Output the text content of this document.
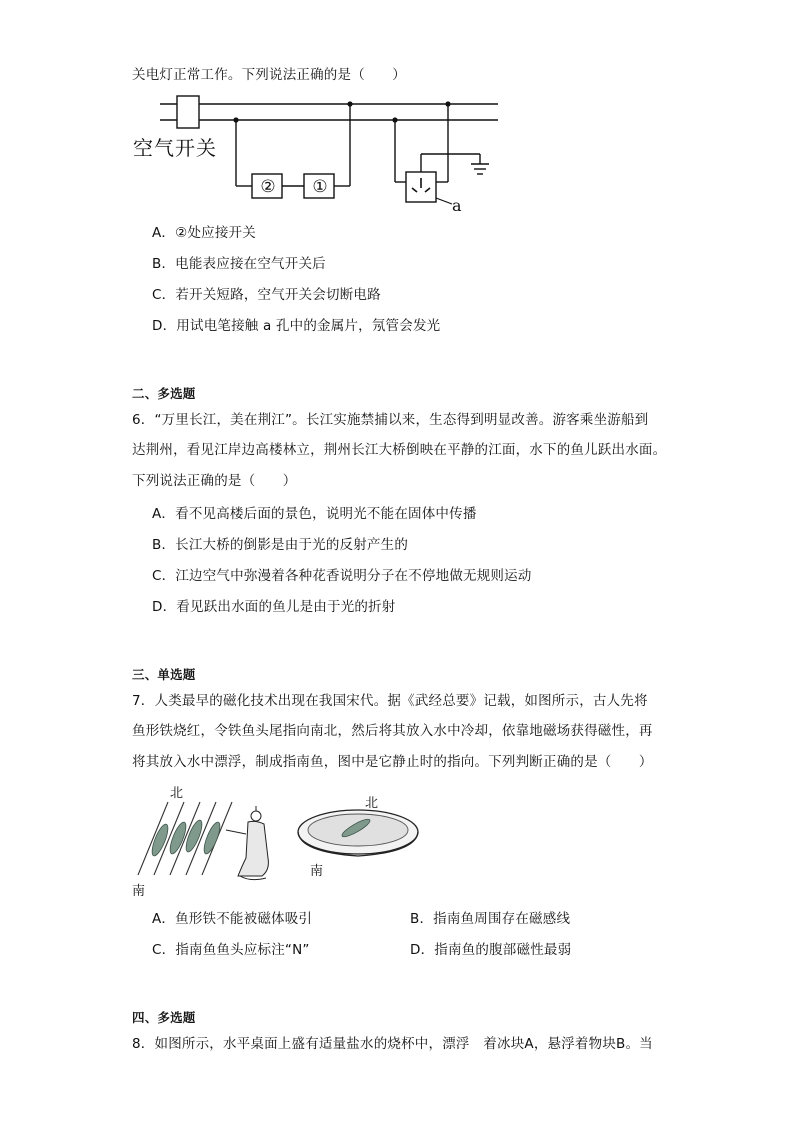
关电灯正常工作。下列说法正确的是（　　）
空气开关
②	①
a
A．②处应接开关
B．电能表应接在空气开关后
C．若开关短路，空气开关会切断电路
D．用试电笔接触 a 孔中的金属片，氖管会发光
二、多选题
6．“万里长江，美在荆江”。长江实施禁捕以来，生态得到明显改善。游客乘坐游船到
达荆州，看见江岸边高楼林立，荆州长江大桥倒映在平静的江面，水下的鱼儿跃出水面。
下列说法正确的是（　　）
A．看不见高楼后面的景色，说明光不能在固体中传播
B．长江大桥的倒影是由于光的反射产生的
C．江边空气中弥漫着各种花香说明分子在不停地做无规则运动
D．看见跃出水面的鱼儿是由于光的折射
三、单选题
7．人类最早的磁化技术出现在我国宋代。据《武经总要》记载，如图所示，古人先将
鱼形铁烧红，令铁鱼头尾指向南北，然后将其放入水中冷却，依靠地磁场获得磁性，再
将其放入水中漂浮，制成指南鱼，图中是它静止时的指向。下列判断正确的是（　　）
北
南
北
南
A．鱼形铁不能被磁体吸引	B．指南鱼周围存在磁感线
C．指南鱼鱼头应标注“N”	D．指南鱼的腹部磁性最弱
四、多选题
8．如图所示，水平桌面上盛有适量盐水的烧杯中，漂浮　着冰块A，悬浮着物块B。当
